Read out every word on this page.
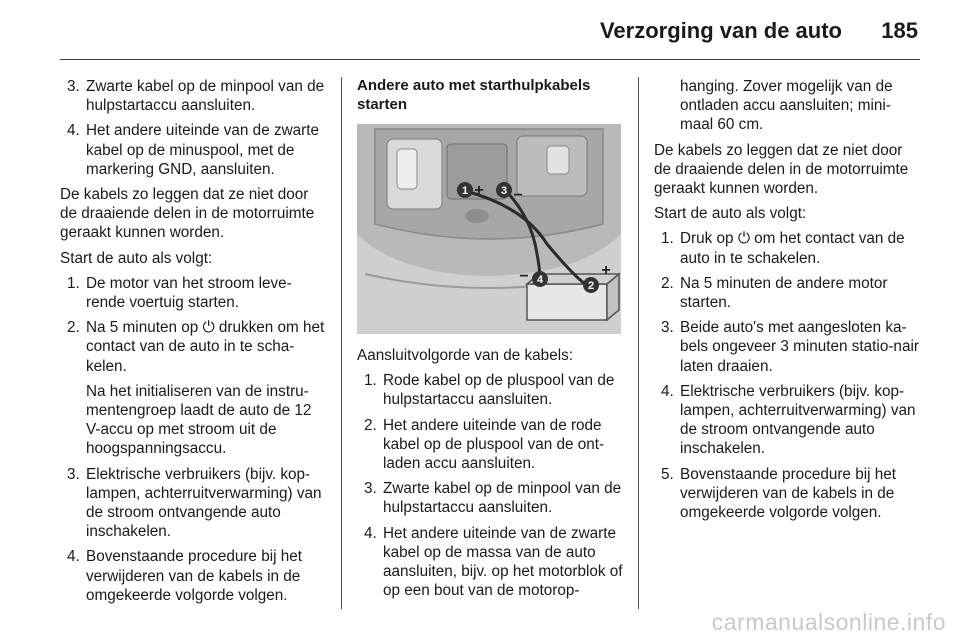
Verzorging van de auto 185
3. Zwarte kabel op de minpool van de hulpstartaccu aansluiten.
4. Het andere uiteinde van de zwarte kabel op de minuspool, met de markering GND, aansluiten.

De kabels zo leggen dat ze niet door de draaiende delen in de motorruimte geraakt kunnen worden.

Start de auto als volgt:

1. De motor van het stroom leve-rende voertuig starten.
2. Na 5 minuten op ⏻ drukken om het contact van de auto in te scha-kelen.
Na het initialiseren van de instru-mentengroep laadt de auto de 12 V-accu op met stroom uit de hoogspanningsaccu.
3. Elektrische verbruikers (bijv. kop-lampen, achterruitverwarming) van de stroom ontvangende auto inschakelen.
4. Bovenstaande procedure bij het verwijderen van de kabels in de omgekeerde volgorde volgen.
Andere auto met starthulpkabels starten
1 + 3 −
4
−
2
+

Aansluitvolgorde van de kabels:

1. Rode kabel op de pluspool van de hulpstartaccu aansluiten.
2. Het andere uiteinde van de rode kabel op de pluspool van de ont-laden accu aansluiten.
3. Zwarte kabel op de minpool van de hulpstartaccu aansluiten.
4. Het andere uiteinde van de zwarte kabel op de massa van de auto aansluiten, bijv. op het motorblok of op een bout van de motorop-
hanging. Zover mogelijk van de ontladen accu aansluiten; mini-maal 60 cm.

De kabels zo leggen dat ze niet door de draaiende delen in de motorruimte geraakt kunnen worden.

Start de auto als volgt:

1. Druk op ⏻ om het contact van de auto in te schakelen.
2. Na 5 minuten de andere motor starten.
3. Beide auto's met aangesloten ka-bels ongeveer 3 minuten statio-nair laten draaien.
4. Elektrische verbruikers (bijv. kop-lampen, achterruitverwarming) van de stroom ontvangende auto inschakelen.
5. Bovenstaande procedure bij het verwijderen van de kabels in de omgekeerde volgorde volgen.
carmanualsonline.info
